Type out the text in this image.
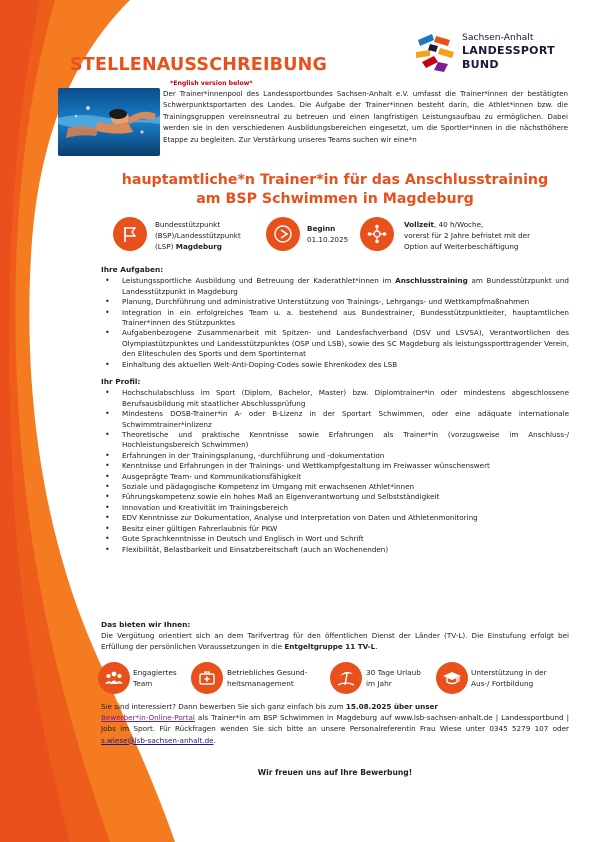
Sachsen-Anhalt
LANDESSPORT
BUND
STELLENAUSSCHREIBUNG
*English version below*
Der Trainer*innenpool des Landessportbundes Sachsen-Anhalt e.V. umfasst die Trainer*innen der bestätigten Schwerpunktsportarten des Landes. Die Aufgabe der Trainer*innen besteht darin, die Athlet*innen bzw. die Trainingsgruppen vereinsneutral zu betreuen und einen langfristigen Leistungsaufbau zu ermöglichen. Dabei werden sie in den verschiedenen Ausbildungsbereichen eingesetzt, um die Sportler*innen in die nächsthöhere Etappe zu begleiten. Zur Verstärkung unseres Teams suchen wir eine*n
hauptamtliche*n Trainer*in für das Anschlusstraining
am BSP Schwimmen in Magdeburg
Bundesstützpunkt
(BSP)/Landesstützpunkt
(LSP) Magdeburg
Beginn
01.10.2025
Vollzeit, 40 h/Woche,
vorerst für 2 Jahre befristet mit der
Option auf Weiterbeschäftigung
Ihre Aufgaben:
• Leistungssportliche Ausbildung und Betreuung der Kaderathlet*innen im Anschlusstraining am Bundesstützpunkt und Landesstützpunkt in Magdeburg
• Planung, Durchführung und administrative Unterstützung von Trainings-, Lehrgangs- und Wettkampfmaßnahmen
• Integration in ein erfolgreiches Team u. a. bestehend aus Bundestrainer, Bundesstützpunktleiter, hauptamtlichen Trainer*innen des Stützpunktes
• Aufgabenbezogene Zusammenarbeit mit Spitzen- und Landesfachverband (DSV und LSVSA), Verantwortlichen des Olympiastützpunktes und Landesstützpunktes (OSP und LSB), sowie des SC Magdeburg als leistungssporttragender Verein, den Eliteschulen des Sports und dem Sportinternat
• Einhaltung des aktuellen Welt-Anti-Doping-Codes sowie Ehrenkodex des LSB
Ihr Profil:
• Hochschulabschluss im Sport (Diplom, Bachelor, Master) bzw. Diplomtrainer*in oder mindestens abgeschlossene Berufsausbildung mit staatlicher Abschlussprüfung
• Mindestens DOSB-Trainer*in A- oder B-Lizenz in der Sportart Schwimmen, oder eine adäquate internationale Schwimmtrainer*inlizenz
• Theoretische und praktische Kenntnisse sowie Erfahrungen als Trainer*in (vorzugsweise im Anschluss-/ Hochleistungsbereich Schwimmen)
• Erfahrungen in der Trainingsplanung, -durchführung und -dokumentation
• Kenntnisse und Erfahrungen in der Trainings- und Wettkampfgestaltung im Freiwasser wünschenswert
• Ausgeprägte Team- und Kommunikationsfähigkeit
• Soziale und pädagogische Kompetenz im Umgang mit erwachsenen Athlet*innen
• Führungskompetenz sowie ein hohes Maß an Eigenverantwortung und Selbstständigkeit
• Innovation und Kreativität im Trainingsbereich
• EDV Kenntnisse zur Dokumentation, Analyse und Interpretation von Daten und Athletenmonitoring
• Besitz einer gültigen Fahrerlaubnis für PKW
• Gute Sprachkenntnisse in Deutsch und Englisch in Wort und Schrift
• Flexibilität, Belastbarkeit und Einsatzbereitschaft (auch an Wochenenden)
Das bieten wir Ihnen:
Die Vergütung orientiert sich an dem Tarifvertrag für den öffentlichen Dienst der Länder (TV-L). Die Einstufung erfolgt bei Erfüllung der persönlichen Voraussetzungen in die Entgeltgruppe 11 TV-L.
Engagiertes
Team
Betriebliches Gesund-
heitsmanagement
30 Tage Urlaub
im Jahr
Unterstützung in der
Aus-/ Fortbildung
Sie sind interessiert? Dann bewerben Sie sich ganz einfach bis zum 15.08.2025 über unser
Bewerber*in-Online-Portal als Trainer*in am BSP Schwimmen in Magdeburg auf www.lsb-sachsen-anhalt.de | Landessportbund | Jobs im Sport. Für Rückfragen wenden Sie sich bitte an unsere Personalreferentin Frau Wiese unter 0345 5279 107 oder s.wiese@lsb-sachsen-anhalt.de.
Wir freuen uns auf Ihre Bewerbung!
